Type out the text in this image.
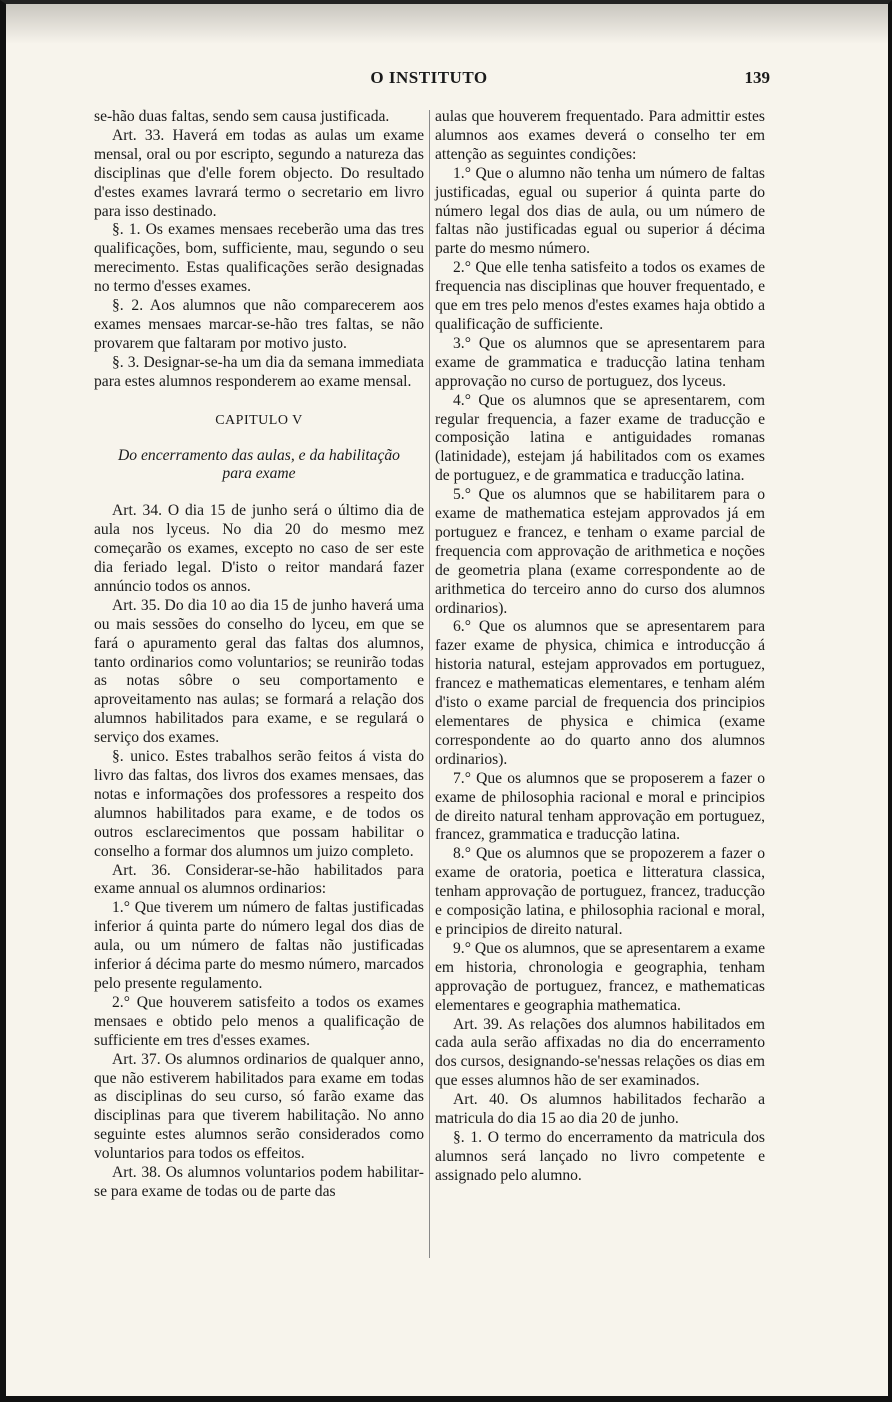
O INSTITUTO	139

se-hão duas faltas, sendo sem causa justificada.

Art. 33. Haverá em todas as aulas um exame mensal, oral ou por escripto, segundo a natureza das disciplinas que d'elle forem objecto. Do resultado d'estes exames lavrará termo o secretario em livro para isso destinado.

§. 1. Os exames mensaes receberão uma das tres qualificações, bom, sufficiente, mau, segundo o seu merecimento. Estas qualificações serão designadas no termo d'esses exames.

§. 2. Aos alumnos que não comparecerem aos exames mensaes marcar-se-hão tres faltas, se não provarem que faltaram por motivo justo.

§. 3. Designar-se-ha um dia da semana immediata para estes alumnos responderem ao exame mensal.

CAPITULO V
Do encerramento das aulas, e da habilitação
para exame

Art. 34. O dia 15 de junho será o último dia de aula nos lyceus. No dia 20 do mesmo mez começarão os exames, excepto no caso de ser este dia feriado legal. D'isto o reitor mandará fazer annúncio todos os annos.

Art. 35. Do dia 10 ao dia 15 de junho haverá uma ou mais sessões do conselho do lyceu, em que se fará o apuramento geral das faltas dos alumnos, tanto ordinarios como voluntarios; se reunirão todas as notas sôbre o seu comportamento e aproveitamento nas aulas; se formará a relação dos alumnos habilitados para exame, e se regulará o serviço dos exames.

§. unico. Estes trabalhos serão feitos á vista do livro das faltas, dos livros dos exames mensaes, das notas e informações dos professores a respeito dos alumnos habilitados para exame, e de todos os outros esclarecimentos que possam habilitar o conselho a formar dos alumnos um juizo completo.

Art. 36. Considerar-se-hão habilitados para exame annual os alumnos ordinarios:

1.° Que tiverem um número de faltas justificadas inferior á quinta parte do número legal dos dias de aula, ou um número de faltas não justificadas inferior á décima parte do mesmo número, marcados pelo presente regulamento.

2.° Que houverem satisfeito a todos os exames mensaes e obtido pelo menos a qualificação de sufficiente em tres d'esses exames.

Art. 37. Os alumnos ordinarios de qualquer anno, que não estiverem habilitados para exame em todas as disciplinas do seu curso, só farão exame das disciplinas para que tiverem habilitação. No anno seguinte estes alumnos serão considerados como voluntarios para todos os effeitos.

Art. 38. Os alumnos voluntarios podem habilitar-se para exame de todas ou de parte das

aulas que houverem frequentado. Para admittir estes alumnos aos exames deverá o conselho ter em attenção as seguintes condições:

1.° Que o alumno não tenha um número de faltas justificadas, egual ou superior á quinta parte do número legal dos dias de aula, ou um número de faltas não justificadas egual ou superior á décima parte do mesmo número.

2.° Que elle tenha satisfeito a todos os exames de frequencia nas disciplinas que houver frequentado, e que em tres pelo menos d'estes exames haja obtido a qualificação de sufficiente.

3.° Que os alumnos que se apresentarem para exame de grammatica e traducção latina tenham approvação no curso de portuguez, dos lyceus.

4.° Que os alumnos que se apresentarem, com regular frequencia, a fazer exame de traducção e composição latina e antiguidades romanas (latinidade), estejam já habilitados com os exames de portuguez, e de grammatica e traducção latina.

5.° Que os alumnos que se habilitarem para o exame de mathematica estejam approvados já em portuguez e francez, e tenham o exame parcial de frequencia com approvação de arithmetica e noções de geometria plana (exame correspondente ao de arithmetica do terceiro anno do curso dos alumnos ordinarios).

6.° Que os alumnos que se apresentarem para fazer exame de physica, chimica e introducção á historia natural, estejam approvados em portuguez, francez e mathematicas elementares, e tenham além d'isto o exame parcial de frequencia dos principios elementares de physica e chimica (exame correspondente ao do quarto anno dos alumnos ordinarios).

7.° Que os alumnos que se proposerem a fazer o exame de philosophia racional e moral e principios de direito natural tenham approvação em portuguez, francez, grammatica e traducção latina.

8.° Que os alumnos que se propozerem a fazer o exame de oratoria, poetica e litteratura classica, tenham approvação de portuguez, francez, traducção e composição latina, e philosophia racional e moral, e principios de direito natural.

9.° Que os alumnos, que se apresentarem a exame em historia, chronologia e geographia, tenham approvação de portuguez, francez, e mathematicas elementares e geographia mathematica.

Art. 39. As relações dos alumnos habilitados em cada aula serão affixadas no dia do encerramento dos cursos, designando-se'nessas relações os dias em que esses alumnos hão de ser examinados.

Art. 40. Os alumnos habilitados fecharão a matricula do dia 15 ao dia 20 de junho.

§. 1. O termo do encerramento da matricula dos alumnos será lançado no livro competente e assignado pelo alumno.
